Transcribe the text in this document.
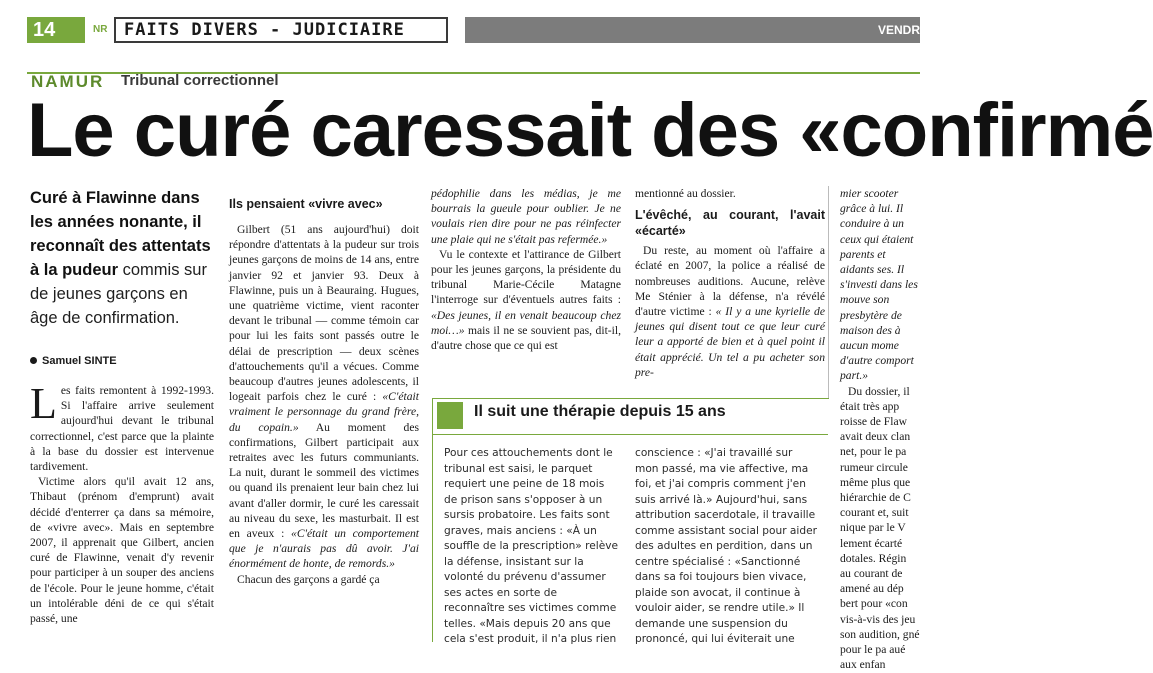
14	NR FAITS DIVERS - JUDICIAIRE	VENDRE
NAMUR Tribunal correctionnel
Le curé caressait des «confirmé
Curé à Flawinne dans les années nonante, il reconnaît des attentats à la pudeur commis sur de jeunes garçons en âge de confirmation.
Samuel SINTE

Les faits remontent à 1992-1993. Si l'affaire arrive seulement aujourd'hui devant le tribunal correctionnel, c'est parce que la plainte à la base du dossier est intervenue tardivement.

Victime alors qu'il avait 12 ans, Thibaut (prénom d'emprunt) avait décidé d'enterrer ça dans sa mémoire, de «vivre avec». Mais en septembre 2007, il apprenait que Gilbert, ancien curé de Flawinne, venait d'y revenir pour participer à un souper des anciens de l'école. Pour le jeune homme, c'était un intolérable déni de ce qui s'était passé, une

Ils pensaient «vivre avec»

Gilbert (51 ans aujourd'hui) doit répondre d'attentats à la pudeur sur trois jeunes garçons de moins de 14 ans, entre janvier 92 et janvier 93. Deux à Flawinne, puis un à Beauraing. Hugues, une quatrième victime, vient raconter devant le tribunal — comme témoin car pour lui les faits sont passés outre le délai de prescription — deux scènes d'attouchements qu'il a vécues. Comme beaucoup d'autres jeunes adolescents, il logeait parfois chez le curé : «C'était vraiment le personnage du grand frère, du copain.» Au moment des confirmations, Gilbert participait aux retraites avec les futurs communiants. La nuit, durant le sommeil des victimes ou quand ils prenaient leur bain chez lui avant d'aller dormir, le curé les caressait au niveau du sexe, les masturbait. Il est en aveux : «C'était un comportement que je n'aurais pas dû avoir. J'ai énormément de honte, de remords.»

Chacun des garçons a gardé ça

pédophilie dans les médias, je me bourrais la gueule pour oublier. Je ne voulais rien dire pour ne pas réinfecter une plaie qui ne s'était pas refermée.»

Vu le contexte et l'attirance de Gilbert pour les jeunes garçons, la présidente du tribunal Marie-Cécile Matagne l'interroge sur d'éventuels autres faits : «Des jeunes, il en venait beaucoup chez moi…» mais il ne se souvient pas, dit-il, d'autre chose que ce qui est

mentionné au dossier.

L'évêché, au courant, l'avait «écarté»

Du reste, au moment où l'affaire a éclaté en 2007, la police a réalisé de nombreuses auditions. Aucune, relève Me Sténier à la défense, n'a révélé d'autre victime : « Il y a une kyrielle de jeunes qui disent tout ce que leur curé leur a apporté de bien et à quel point il était apprécié. Un tel a pu acheter son pre-

mier scooter grâce à lui. Il conduire à un ceux qui étaient parents et aidants ses. Il s'investi dans les mouve son presbytère de maison des à aucun mome d'autre comport part.»

Du dossier, il était très app roisse de Flaw avait deux clan net, pour le pa rumeur circule même plus que hiérarchie de C courant et, suit nique par le V lement écarté dotales. Régin au courant de amené au dép bert pour «con vis-à-vis des jeu son audition, gné pour le pa aué aux enfan

Il suit une thérapie depuis 15 ans

Pour ces attouchements dont le tribunal est saisi, le parquet requiert une peine de 18 mois de prison sans s'opposer à un sursis probatoire. Les faits sont graves, mais anciens : «À un souffle de la prescription» relève la défense, insistant sur la volonté du prévenu d'assumer ses actes en sorte de reconnaître ses victimes comme telles. «Mais depuis 20 ans que cela s'est produit, il n'a plus rien

conscience : «J'ai travaillé sur mon passé, ma vie affective, ma foi, et j'ai compris comment j'en suis arrivé là.» Aujourd'hui, sans attribution sacerdotale, il travaille comme assistant social pour aider des adultes en perdition, dans un centre spécialisé : «Sanctionné dans sa foi toujours bien vivace, plaide son avocat, il continue à vouloir aider, se rendre utile.» Il demande une suspension du prononcé, qui lui éviterait une
